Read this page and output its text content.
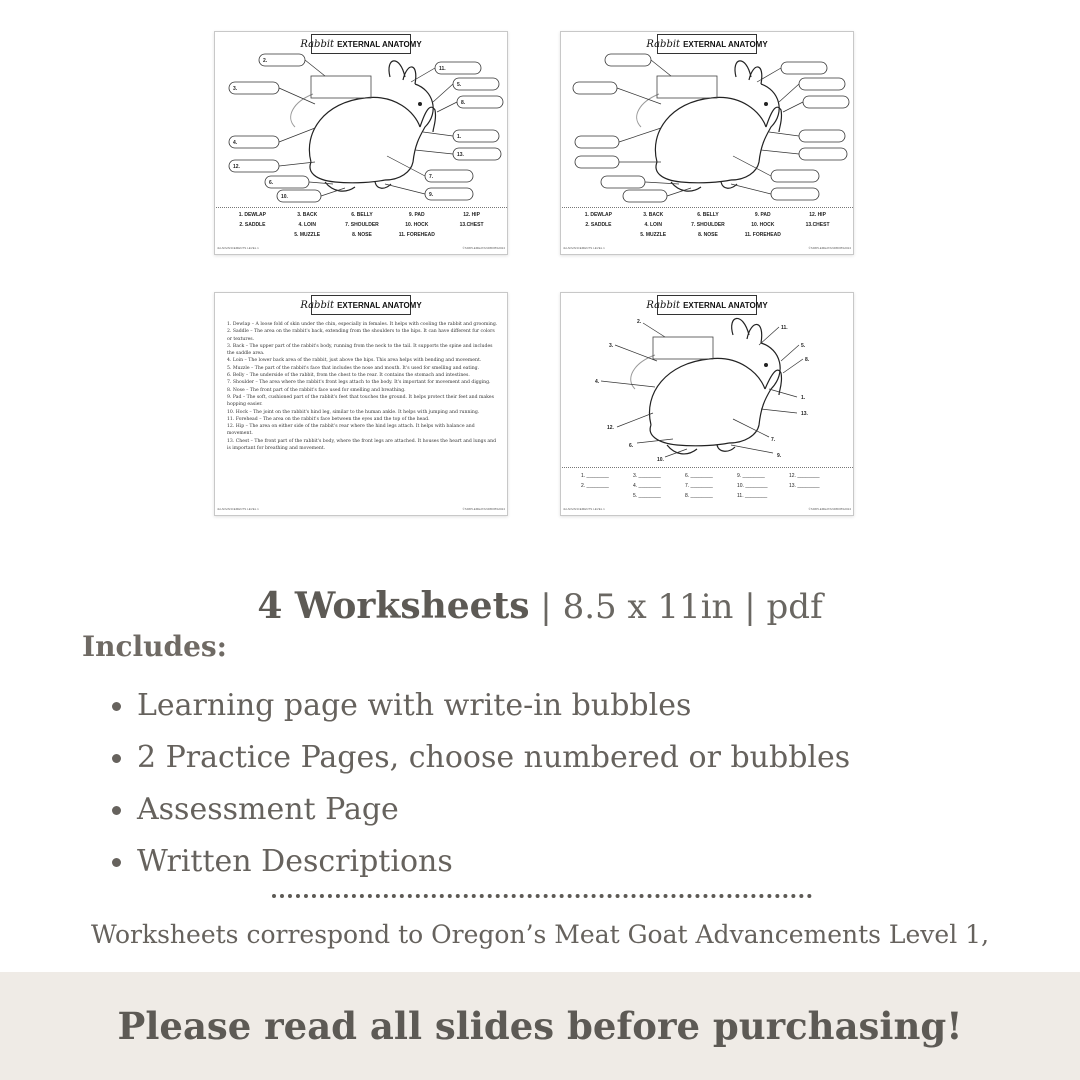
Rabbit EXTERNAL ANATOMY
2.
3.
4.
12.
6.
10.
11.
5.
8.
1.
13.
7.
9.
1. DEWLAP	3. BACK	6. BELLY	9. PAD	12. HIP
2. SADDLE	4. LOIN	7. SHOULDER	10. HOCK	13.CHEST
5. MUZZLE	8. NOSE	11. FOREHEAD
4H ADVANCEMENTS LEVEL 1	©SIMPLEMEATANDBOBS2024
Rabbit EXTERNAL ANATOMY
1. DEWLAP	3. BACK	6. BELLY	9. PAD	12. HIP
2. SADDLE	4. LOIN	7. SHOULDER	10. HOCK	13.CHEST
5. MUZZLE	8. NOSE	11. FOREHEAD
4H ADVANCEMENTS LEVEL 1	©SIMPLEMEATANDBOBS2024
Rabbit EXTERNAL ANATOMY

1. Dewlap – A loose fold of skin under the chin, especially in females. It helps with cooling the rabbit and grooming.

2. Saddle – The area on the rabbit's back, extending from the shoulders to the hips. It can have different fur colors or textures.

3. Back – The upper part of the rabbit's body, running from the neck to the tail. It supports the spine and includes the saddle area.

4. Loin – The lower back area of the rabbit, just above the hips. This area helps with bending and movement.

5. Muzzle – The part of the rabbit's face that includes the nose and mouth. It's used for smelling and eating.

6. Belly – The underside of the rabbit, from the chest to the rear. It contains the stomach and intestines.

7. Shoulder – The area where the rabbit's front legs attach to the body. It's important for movement and digging.

8. Nose – The front part of the rabbit's face used for smelling and breathing.

9. Pad – The soft, cushioned part of the rabbit's feet that touches the ground. It helps protect their feet and makes hopping easier.

10. Hock – The joint on the rabbit's hind leg, similar to the human ankle. It helps with jumping and running.

11. Forehead – The area on the rabbit's face between the eyes and the top of the head.

12. Hip – The area on either side of the rabbit's rear where the hind legs attach. It helps with balance and movement.

13. Chest – The front part of the rabbit's body, where the front legs are attached. It houses the heart and lungs and is important for breathing and movement.

4H ADVANCEMENTS LEVEL 1	©SIMPLEMEATANDBOBS2024
Rabbit EXTERNAL ANATOMY
2.
3.
4.
12.
6.
10.
11.
5.
8.
1.
13.
7.
9.
1. ________	3. ________	6. ________	9. ________	12. ________
2. ________	4. ________	7. ________	10. ________	13. ________
5. ________	8. ________	11. ________
4H ADVANCEMENTS LEVEL 1	©SIMPLEMEATANDBOBS2024
4 Worksheets | 8.5 x 11in | pdf
Includes:
Learning page with write-in bubbles
2 Practice Pages, choose numbered or bubbles
Assessment Page
Written Descriptions
Worksheets correspond to Oregon’s Meat Goat Advancements Level 1,
Please read all slides before purchasing!
